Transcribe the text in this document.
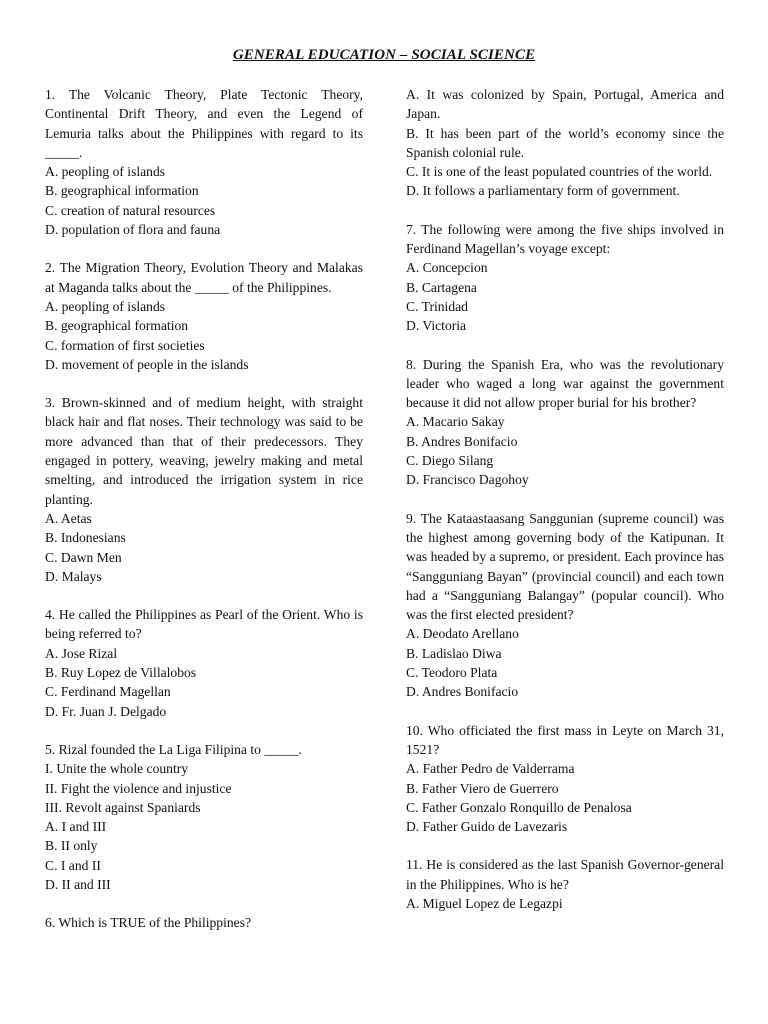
GENERAL EDUCATION – SOCIAL SCIENCE
1. The Volcanic Theory, Plate Tectonic Theory, Continental Drift Theory, and even the Legend of Lemuria talks about the Philippines with regard to its _____.
A. peopling of islands
B. geographical information
C. creation of natural resources
D. population of flora and fauna
2. The Migration Theory, Evolution Theory and Malakas at Maganda talks about the _____ of the Philippines.
A. peopling of islands
B. geographical formation
C. formation of first societies
D. movement of people in the islands
3. Brown-skinned and of medium height, with straight black hair and flat noses. Their technology was said to be more advanced than that of their predecessors. They engaged in pottery, weaving, jewelry making and metal smelting, and introduced the irrigation system in rice planting.
A. Aetas
B. Indonesians
C. Dawn Men
D. Malays
4. He called the Philippines as Pearl of the Orient. Who is being referred to?
A. Jose Rizal
B. Ruy Lopez de Villalobos
C. Ferdinand Magellan
D. Fr. Juan J. Delgado
5. Rizal founded the La Liga Filipina to _____.
I. Unite the whole country
II. Fight the violence and injustice
III. Revolt against Spaniards
A. I and III
B. II only
C. I and II
D. II and III
6. Which is TRUE of the Philippines?
A. It was colonized by Spain, Portugal, America and Japan.
B. It has been part of the world’s economy since the Spanish colonial rule.
C. It is one of the least populated countries of the world.
D. It follows a parliamentary form of government.
7. The following were among the five ships involved in Ferdinand Magellan’s voyage except:
A. Concepcion
B. Cartagena
C. Trinidad
D. Victoria
8. During the Spanish Era, who was the revolutionary leader who waged a long war against the government because it did not allow proper burial for his brother?
A. Macario Sakay
B. Andres Bonifacio
C. Diego Silang
D. Francisco Dagohoy
9. The Kataastaasang Sanggunian (supreme council) was the highest among governing body of the Katipunan. It was headed by a supremo, or president. Each province has “Sangguniang Bayan” (provincial council) and each town had a “Sangguniang Balangay” (popular council). Who was the first elected president?
A. Deodato Arellano
B. Ladislao Diwa
C. Teodoro Plata
D. Andres Bonifacio
10. Who officiated the first mass in Leyte on March 31, 1521?
A. Father Pedro de Valderrama
B. Father Viero de Guerrero
C. Father Gonzalo Ronquillo de Penalosa
D. Father Guido de Lavezaris
11. He is considered as the last Spanish Governor-general in the Philippines. Who is he?
A. Miguel Lopez de Legazpi
